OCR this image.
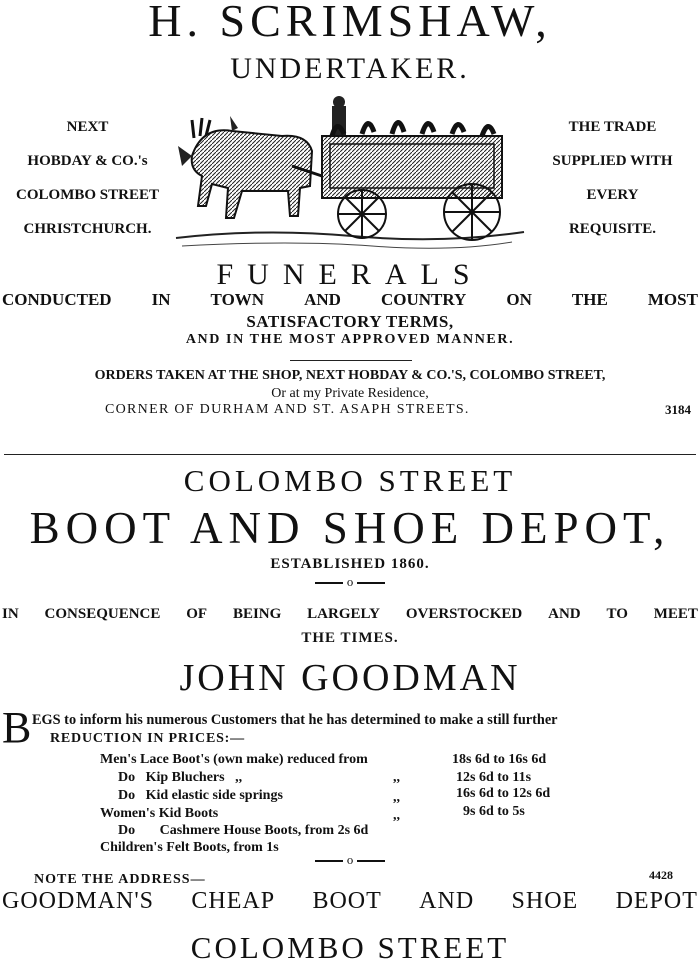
H. SCRIMSHAW,
UNDERTAKER.
NEXT
HOBDAY & CO.'s
COLOMBO STREET
CHRISTCHURCH.
THE TRADE
SUPPLIED WITH
EVERY
REQUISITE.
FUNERALS
CONDUCTED IN TOWN AND COUNTRY ON THE MOST
SATISFACTORY TERMS,
AND IN THE MOST APPROVED MANNER.
ORDERS TAKEN AT THE SHOP, NEXT HOBDAY & CO.'S, COLOMBO STREET,
Or at my Private Residence,
CORNER OF DURHAM AND ST. ASAPH STREETS.	3184
COLOMBO STREET
BOOT AND SHOE DEPOT,
ESTABLISHED 1860.
o
IN CONSEQUENCE OF BEING LARGELY OVERSTOCKED AND TO MEET
THE TIMES.
JOHN GOODMAN
B EGS to inform his numerous Customers that he has determined to make a still further
REDUCTION IN PRICES:—
Men's Lace Boot's (own make) reduced from	18s 6d to 16s 6d
Do   Kip Bluchers   ,,	,,	12s 6d to 11s
Do   Kid elastic side springs	,,	16s 6d to 12s 6d
Women's Kid Boots	,,	9s 6d to 5s
Do       Cashmere House Boots, from 2s 6d
Children's Felt Boots, from 1s
o
NOTE THE ADDRESS—	4428
GOODMAN'S CHEAP BOOT AND SHOE DEPOT
COLOMBO STREET
